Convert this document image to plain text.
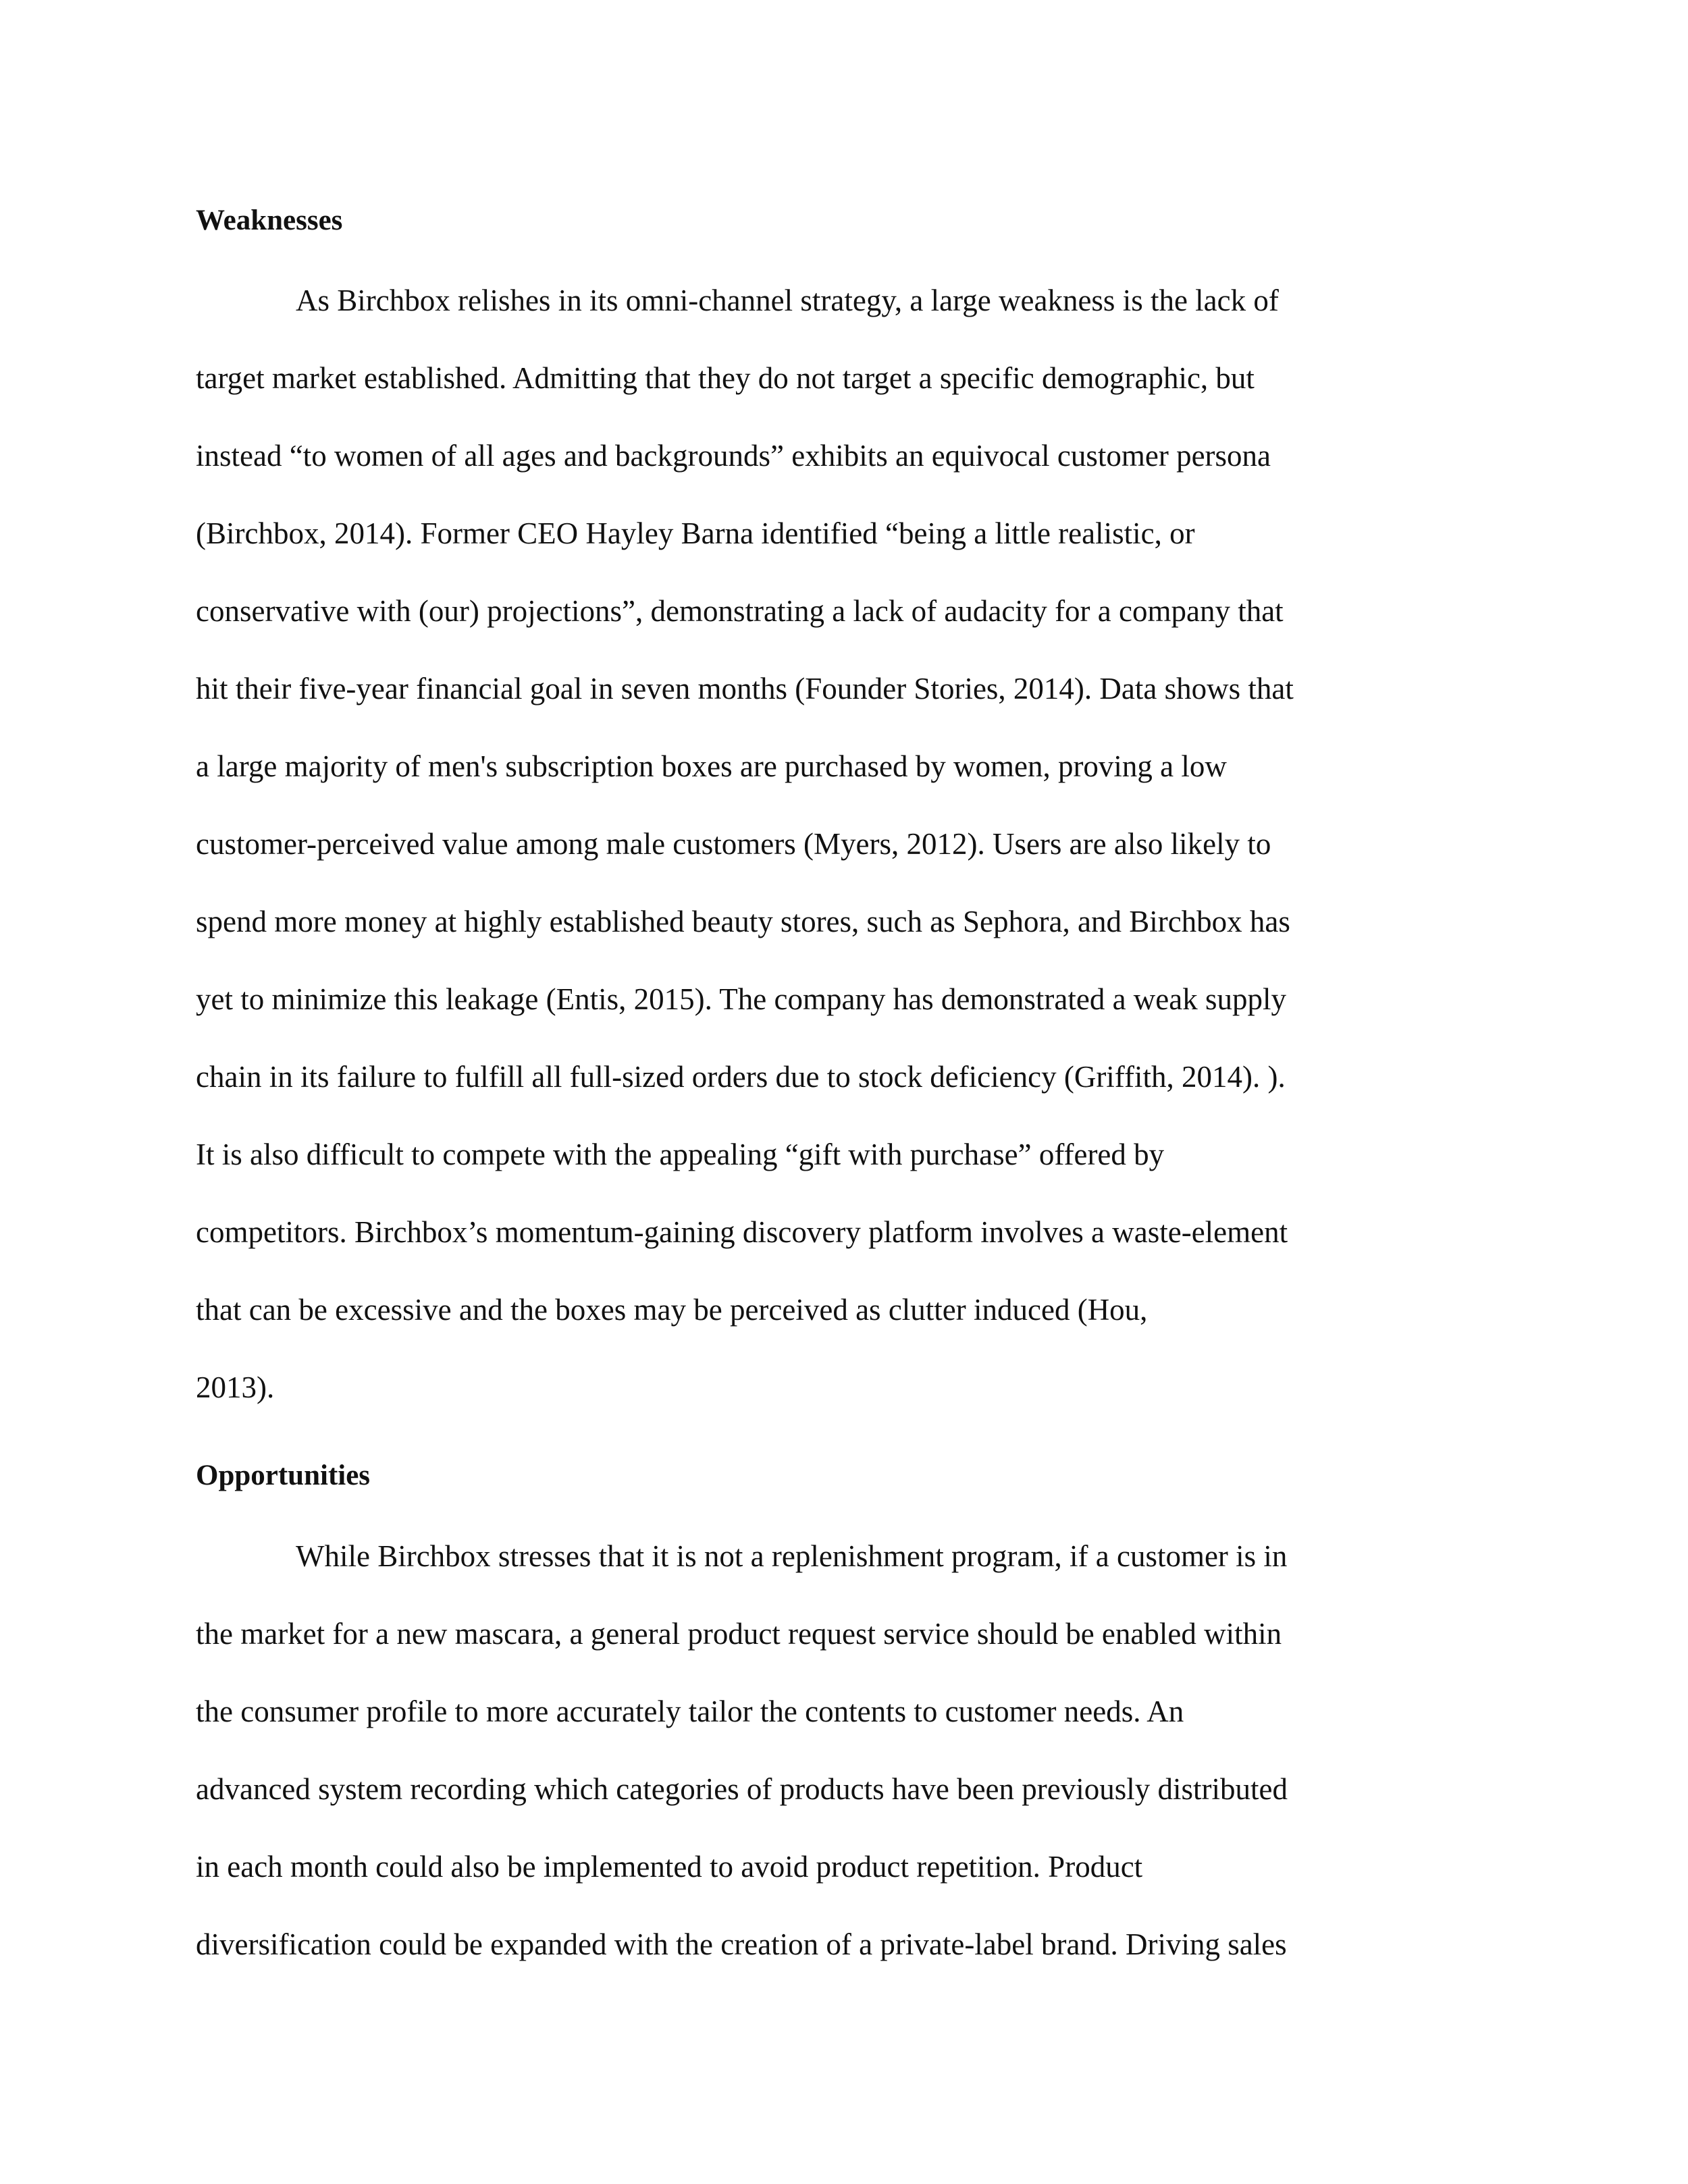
Weaknesses
As Birchbox relishes in its omni-channel strategy, a large weakness is the lack of
target market established. Admitting that they do not target a specific demographic, but
instead “to women of all ages and backgrounds” exhibits an equivocal customer persona
(Birchbox, 2014). Former CEO Hayley Barna identified “being a little realistic, or
conservative with (our) projections”, demonstrating a lack of audacity for a company that
hit their five-year financial goal in seven months (Founder Stories, 2014). Data shows that
a large majority of men's subscription boxes are purchased by women, proving a low
customer-perceived value among male customers (Myers, 2012). Users are also likely to
spend more money at highly established beauty stores, such as Sephora, and Birchbox has
yet to minimize this leakage (Entis, 2015). The company has demonstrated a weak supply
chain in its failure to fulfill all full-sized orders due to stock deficiency (Griffith, 2014). ).
It is also difficult to compete with the appealing “gift with purchase” offered by
competitors. Birchbox’s momentum-gaining discovery platform involves a waste-element
that can be excessive and the boxes may be perceived as clutter induced (Hou,
2013).
Opportunities
While Birchbox stresses that it is not a replenishment program, if a customer is in
the market for a new mascara, a general product request service should be enabled within
the consumer profile to more accurately tailor the contents to customer needs. An
advanced system recording which categories of products have been previously distributed
in each month could also be implemented to avoid product repetition. Product
diversification could be expanded with the creation of a private-label brand. Driving sales
